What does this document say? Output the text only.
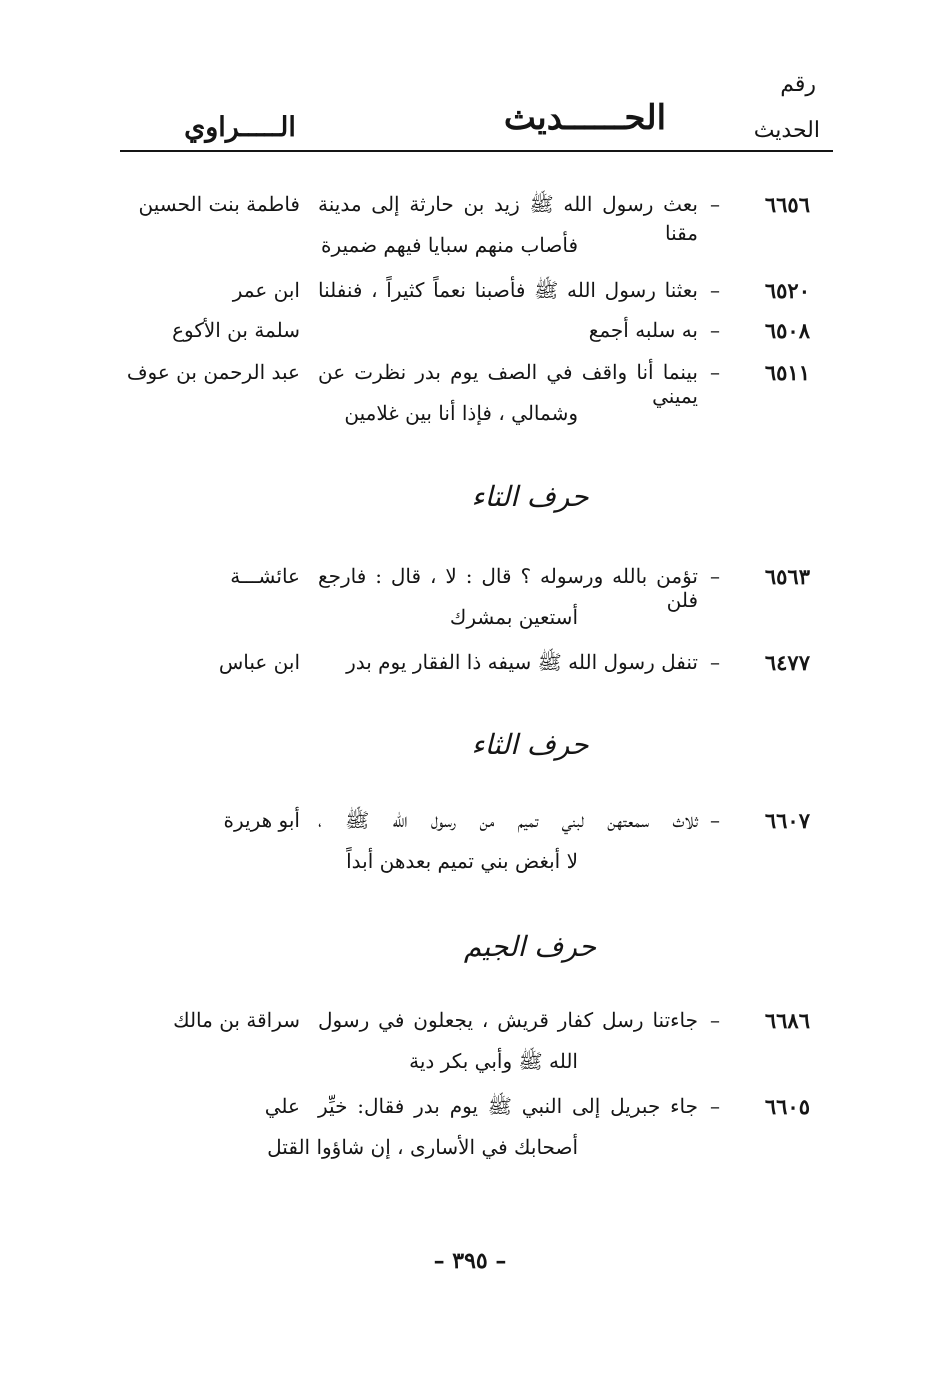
رقم
الحديث
الحــــــديث
الـــــراوي
٦٦٥٦
–
بعث رسول الله ﷺ زيد بن حارثة إلى مدينة مقنا
فاطمة بنت الحسين
فأصاب منهم سبايا فيهم ضميرة
٦٥٢٠
–
بعثنا رسول الله ﷺ فأصبنا نعماً كثيراً ، فنفلنا
ابن عمر
٦٥٠٨
–
به سلبه أجمع
سلمة بن الأكوع
٦٥١١
–
بينما أنا واقف في الصف يوم بدر نظرت عن يميني
عبد الرحمن بن عوف
وشمالي ، فإذا أنا بين غلامين
حرف التاء
٦٥٦٣
–
تؤمن بالله ورسوله ؟ قال : لا ، قال : فارجع فلن
عائشـــة
أستعين بمشرك
٦٤٧٧
–
تنفل رسول الله ﷺ سيفه ذا الفقار يوم بدر
ابن عباس
حرف الثاء
٦٦٠٧
–
ثلاث سمعتهن لبني تميم من رسول الله ﷺ ،
أبو هريرة
لا أبغض بني تميم بعدهن أبداً
حرف الجيم
٦٦٨٦
–
جاءتنا رسل كفار قريش ، يجعلون في رسول
سراقة بن مالك
الله ﷺ وأبي بكر دية
٦٦٠٥
–
جاء جبريل إلى النبي ﷺ يوم بدر فقال: خيِّر
علي
أصحابك في الأسارى ، إن شاؤوا القتل
– ٣٩٥ –
